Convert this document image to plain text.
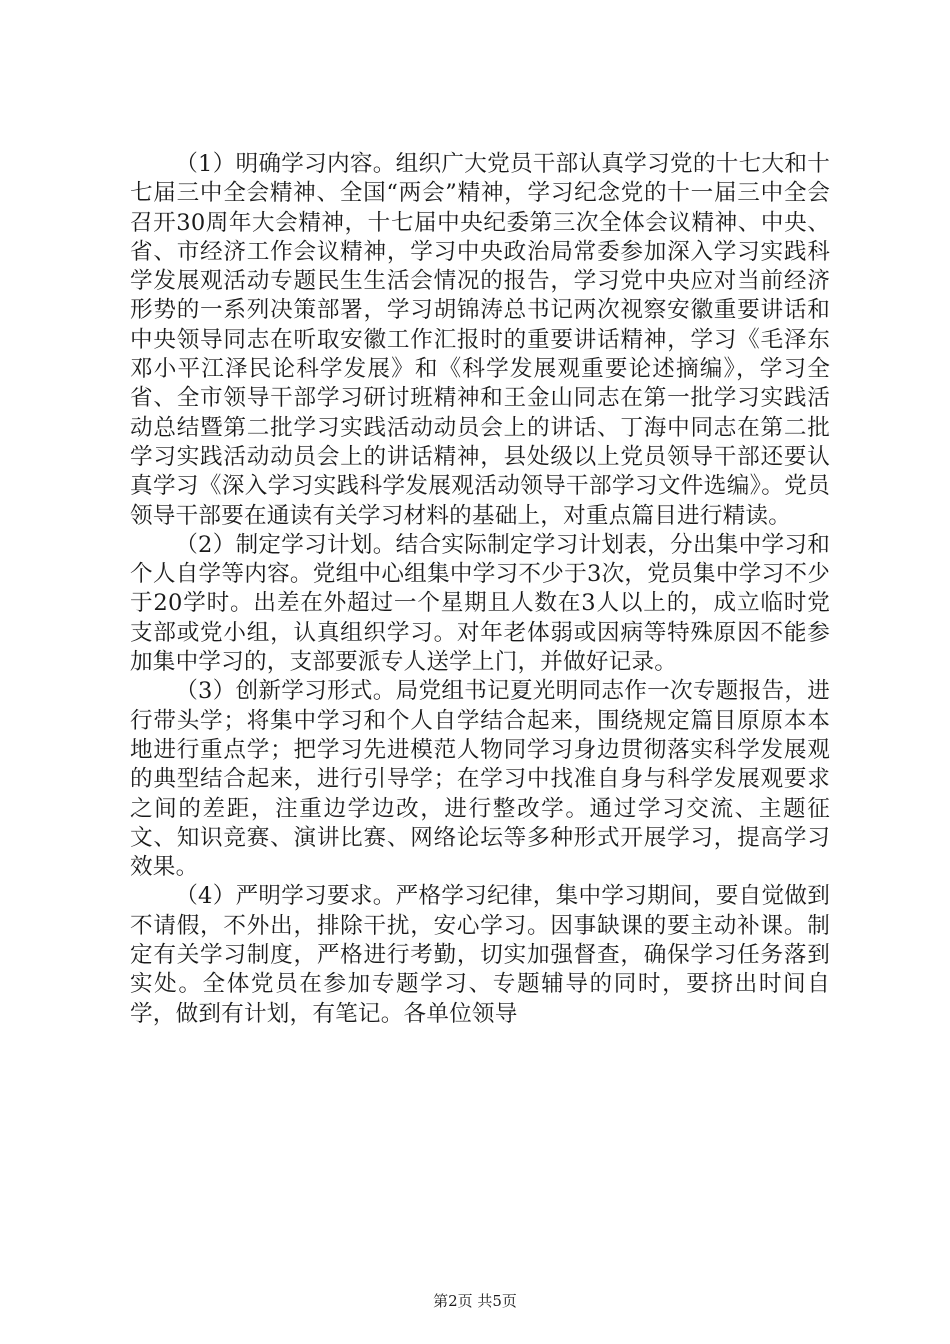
（1）明确学习内容。组织广大党员干部认真学习党的十七大和十七届三中全会精神、全国“两会”精神，学习纪念党的十一届三中全会召开30周年大会精神，十七届中央纪委第三次全体会议精神、中央、省、市经济工作会议精神，学习中央政治局常委参加深入学习实践科学发展观活动专题民生生活会情况的报告，学习党中央应对当前经济形势的一系列决策部署，学习胡锦涛总书记两次视察安徽重要讲话和中央领导同志在听取安徽工作汇报时的重要讲话精神，学习《毛泽东邓小平江泽民论科学发展》和《科学发展观重要论述摘编》，学习全省、全市领导干部学习研讨班精神和王金山同志在第一批学习实践活动总结暨第二批学习实践活动动员会上的讲话、丁海中同志在第二批学习实践活动动员会上的讲话精神，县处级以上党员领导干部还要认真学习《深入学习实践科学发展观活动领导干部学习文件选编》。党员领导干部要在通读有关学习材料的基础上，对重点篇目进行精读。

（2）制定学习计划。结合实际制定学习计划表，分出集中学习和个人自学等内容。党组中心组集中学习不少于3次，党员集中学习不少于20学时。出差在外超过一个星期且人数在3人以上的，成立临时党支部或党小组，认真组织学习。对年老体弱或因病等特殊原因不能参加集中学习的，支部要派专人送学上门，并做好记录。

（3）创新学习形式。局党组书记夏光明同志作一次专题报告，进行带头学；将集中学习和个人自学结合起来，围绕规定篇目原原本本地进行重点学；把学习先进模范人物同学习身边贯彻落实科学发展观的典型结合起来，进行引导学；在学习中找准自身与科学发展观要求之间的差距，注重边学边改，进行整改学。通过学习交流、主题征文、知识竞赛、演讲比赛、网络论坛等多种形式开展学习，提高学习效果。

（4）严明学习要求。严格学习纪律，集中学习期间，要自觉做到不请假，不外出，排除干扰，安心学习。因事缺课的要主动补课。制定有关学习制度，严格进行考勤，切实加强督查，确保学习任务落到实处。全体党员在参加专题学习、专题辅导的同时，要挤出时间自学，做到有计划，有笔记。各单位领导

第2页 共5页
